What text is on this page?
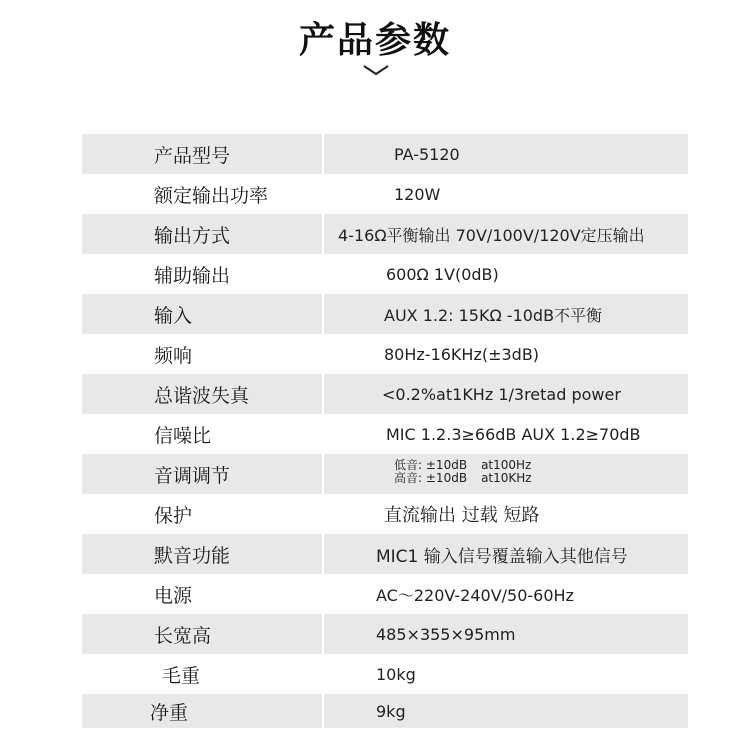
产品参数
产品型号	PA-5120
额定输出功率	120W
输出方式	4-16Ω平衡输出 70V/100V/120V定压输出
辅助输出	600Ω 1V(0dB)
输入	AUX 1.2: 15KΩ -10dB不平衡
频响	80Hz-16KHz(±3dB)
总谐波失真	<0.2%at1KHz 1/3retad power
信噪比	MIC 1.2.3≥66dB AUX 1.2≥70dB
音调调节	低音: ±10dB at100Hz
高音: ±10dB at10KHz
保护	直流输出 过载 短路
默音功能	MIC1 输入信号覆盖输入其他信号
电源	AC～220V-240V/50-60Hz
长宽高	485×355×95mm
毛重	10kg
净重	9kg
